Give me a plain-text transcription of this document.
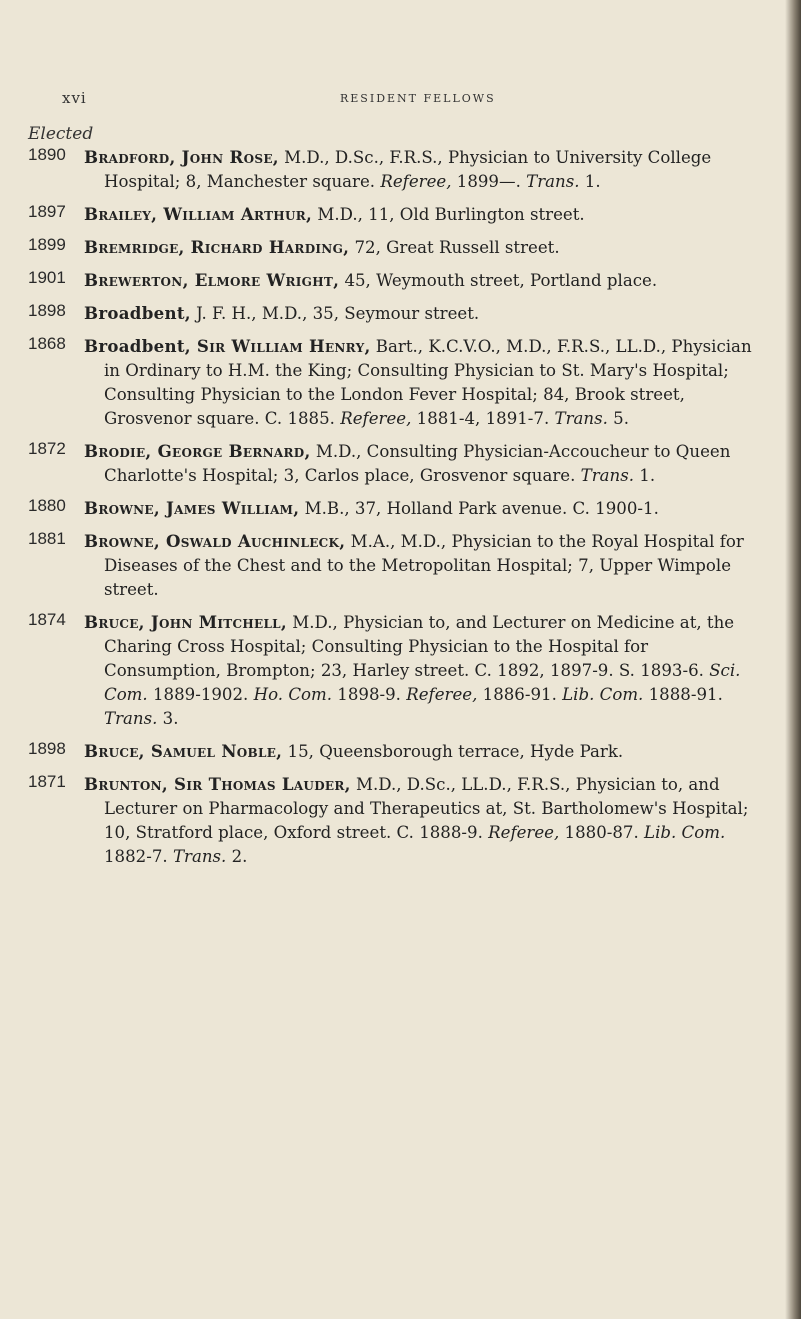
xvi	RESIDENT FELLOWS
Elected
1890 Bradford, John Rose, M.D., D.Sc., F.R.S., Physician to University College Hospital; 8, Manchester square. Referee, 1899—. Trans. 1.
1897 Brailey, William Arthur, M.D., 11, Old Burlington street.
1899 Bremridge, Richard Harding, 72, Great Russell street.
1901 Brewerton, Elmore Wright, 45, Weymouth street, Portland place.
1898 Broadbent, J. F. H., M.D., 35, Seymour street.
1868 Broadbent, Sir William Henry, Bart., K.C.V.O., M.D., F.R.S., LL.D., Physician in Ordinary to H.M. the King; Consulting Physician to St. Mary's Hospital; Consulting Physician to the London Fever Hospital; 84, Brook street, Grosvenor square. C. 1885. Referee, 1881-4, 1891-7. Trans. 5.
1872 Brodie, George Bernard, M.D., Consulting Physician-Accoucheur to Queen Charlotte's Hospital; 3, Carlos place, Grosvenor square. Trans. 1.
1880 Browne, James William, M.B., 37, Holland Park avenue. C. 1900-1.
1881 Browne, Oswald Auchinleck, M.A., M.D., Physician to the Royal Hospital for Diseases of the Chest and to the Metropolitan Hospital; 7, Upper Wimpole street.
1874 Bruce, John Mitchell, M.D., Physician to, and Lecturer on Medicine at, the Charing Cross Hospital; Consulting Physician to the Hospital for Consumption, Brompton; 23, Harley street. C. 1892, 1897-9. S. 1893-6. Sci. Com. 1889-1902. Ho. Com. 1898-9. Referee, 1886-91. Lib. Com. 1888-91. Trans. 3.
1898 Bruce, Samuel Noble, 15, Queensborough terrace, Hyde Park.
1871 Brunton, Sir Thomas Lauder, M.D., D.Sc., LL.D., F.R.S., Physician to, and Lecturer on Pharmacology and Therapeutics at, St. Bartholomew's Hospital; 10, Stratford place, Oxford street. C. 1888-9. Referee, 1880-87. Lib. Com. 1882-7. Trans. 2.
